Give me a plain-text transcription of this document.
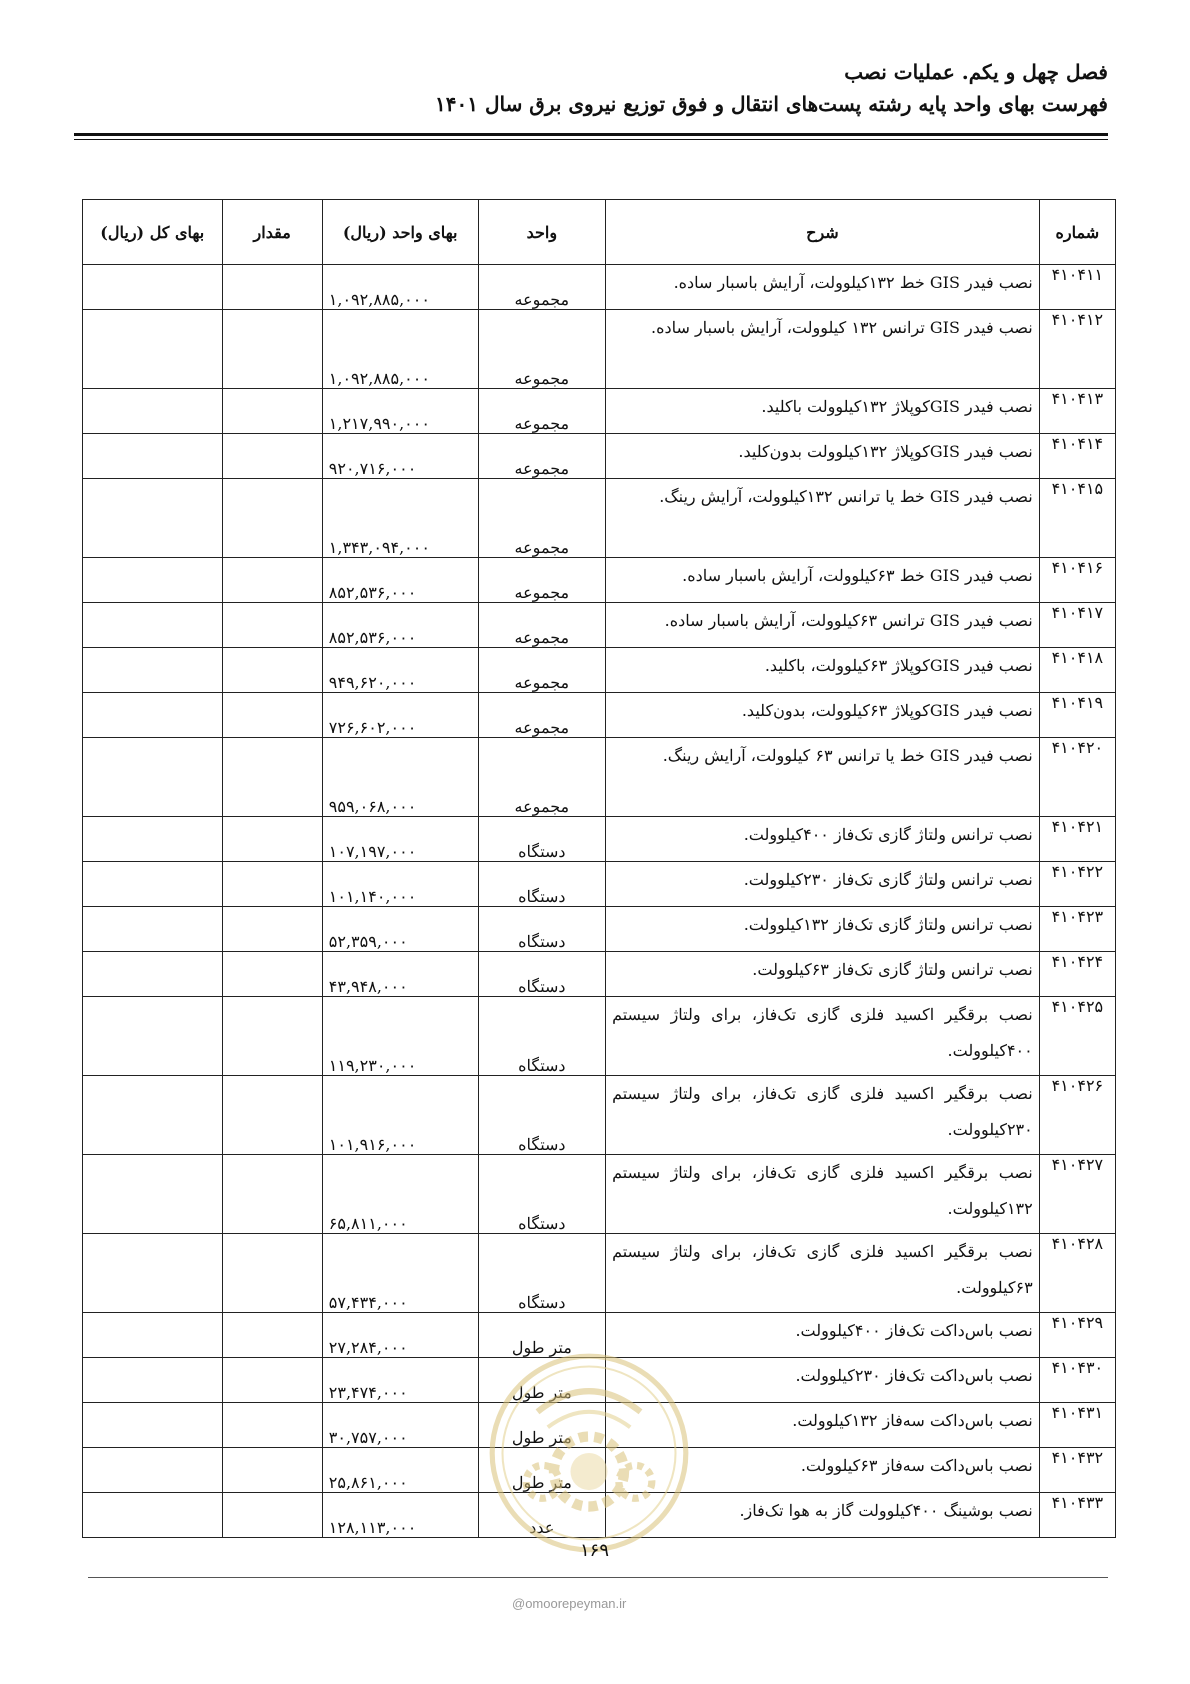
فصل چهل و یکم. عملیات نصب
فهرست بهای واحد پایه رشته پست‌های انتقال و فوق توزیع نیروی برق سال ۱۴۰۱
شماره	شرح	واحد	بهای واحد (ریال)	مقدار	بهای کل (ریال)
۴۱۰۴۱۱	نصب فیدر GIS خط ۱۳۲کیلوولت، آرایش باسبار ساده.	مجموعه	۱,۰۹۲,۸۸۵,۰۰۰		
۴۱۰۴۱۲	نصب فیدر GIS ترانس ۱۳۲ کیلوولت، آرایش باسبار ساده.	مجموعه	۱,۰۹۲,۸۸۵,۰۰۰		
۴۱۰۴۱۳	نصب فیدر GISکوپلاژ ۱۳۲کیلوولت باکلید.	مجموعه	۱,۲۱۷,۹۹۰,۰۰۰		
۴۱۰۴۱۴	نصب فیدر GISکوپلاژ ۱۳۲کیلوولت بدون‌کلید.	مجموعه	۹۲۰,۷۱۶,۰۰۰		
۴۱۰۴۱۵	نصب فیدر GIS خط یا ترانس ۱۳۲کیلوولت، آرایش رینگ.	مجموعه	۱,۳۴۳,۰۹۴,۰۰۰		
۴۱۰۴۱۶	نصب فیدر GIS خط ۶۳کیلوولت، آرایش باسبار ساده.	مجموعه	۸۵۲,۵۳۶,۰۰۰		
۴۱۰۴۱۷	نصب فیدر GIS ترانس ۶۳کیلوولت، آرایش باسبار ساده.	مجموعه	۸۵۲,۵۳۶,۰۰۰		
۴۱۰۴۱۸	نصب فیدر GISکوپلاژ ۶۳کیلوولت، باکلید.	مجموعه	۹۴۹,۶۲۰,۰۰۰		
۴۱۰۴۱۹	نصب فیدر GISکوپلاژ ۶۳کیلوولت، بدون‌کلید.	مجموعه	۷۲۶,۶۰۲,۰۰۰		
۴۱۰۴۲۰	نصب فیدر GIS خط یا ترانس ۶۳ کیلوولت، آرایش رینگ.	مجموعه	۹۵۹,۰۶۸,۰۰۰		
۴۱۰۴۲۱	نصب ترانس ولتاژ گازی تک‌فاز ۴۰۰کیلوولت.	دستگاه	۱۰۷,۱۹۷,۰۰۰		
۴۱۰۴۲۲	نصب ترانس ولتاژ گازی تک‌فاز ۲۳۰کیلوولت.	دستگاه	۱۰۱,۱۴۰,۰۰۰		
۴۱۰۴۲۳	نصب ترانس ولتاژ گازی تک‌فاز ۱۳۲کیلوولت.	دستگاه	۵۲,۳۵۹,۰۰۰		
۴۱۰۴۲۴	نصب ترانس ولتاژ گازی تک‌فاز ۶۳کیلوولت.	دستگاه	۴۳,۹۴۸,۰۰۰		
۴۱۰۴۲۵	نصب برقگیر اکسید فلزی گازی تک‌فاز، برای ولتاژ سیستم ۴۰۰کیلوولت.	دستگاه	۱۱۹,۲۳۰,۰۰۰		
۴۱۰۴۲۶	نصب برقگیر اکسید فلزی گازی تک‌فاز، برای ولتاژ سیستم ۲۳۰کیلوولت.	دستگاه	۱۰۱,۹۱۶,۰۰۰		
۴۱۰۴۲۷	نصب برقگیر اکسید فلزی گازی تک‌فاز، برای ولتاژ سیستم ۱۳۲کیلوولت.	دستگاه	۶۵,۸۱۱,۰۰۰		
۴۱۰۴۲۸	نصب برقگیر اکسید فلزی گازی تک‌فاز، برای ولتاژ سیستم ۶۳کیلوولت.	دستگاه	۵۷,۴۳۴,۰۰۰		
۴۱۰۴۲۹	نصب باس‌داکت تک‌فاز ۴۰۰کیلوولت.	متر طول	۲۷,۲۸۴,۰۰۰		
۴۱۰۴۳۰	نصب باس‌داکت تک‌فاز ۲۳۰کیلوولت.	متر طول	۲۳,۴۷۴,۰۰۰		
۴۱۰۴۳۱	نصب باس‌داکت سه‌فاز ۱۳۲کیلوولت.	متر طول	۳۰,۷۵۷,۰۰۰		
۴۱۰۴۳۲	نصب باس‌داکت سه‌فاز ۶۳کیلوولت.	متر طول	۲۵,۸۶۱,۰۰۰		
۴۱۰۴۳۳	نصب بوشینگ ۴۰۰کیلوولت گاز به هوا تک‌فاز.	عدد	۱۲۸,۱۱۳,۰۰۰		
۱۶۹
@omoorepeyman.ir
